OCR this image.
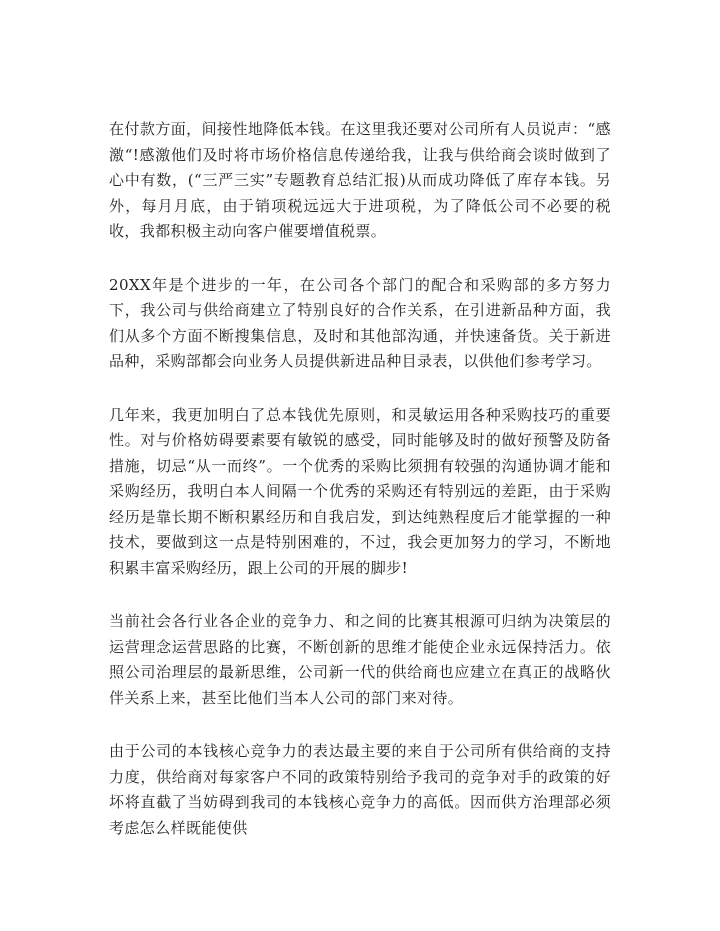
在付款方面，间接性地降低本钱。在这里我还要对公司所有人员说声：“感激“!感激他们及时将市场价格信息传递给我，让我与供给商会谈时做到了心中有数，(“三严三实”专题教育总结汇报)从而成功降低了库存本钱。另外，每月月底，由于销项税远远大于进项税，为了降低公司不必要的税收，我都积极主动向客户催要增值税票。

20XX年是个进步的一年，在公司各个部门的配合和采购部的多方努力下，我公司与供给商建立了特别良好的合作关系，在引进新品种方面，我们从多个方面不断搜集信息，及时和其他部沟通，并快速备货。关于新进品种，采购部都会向业务人员提供新进品种目录表，以供他们参考学习。

几年来，我更加明白了总本钱优先原则，和灵敏运用各种采购技巧的重要性。对与价格妨碍要素要有敏锐的感受，同时能够及时的做好预警及防备措施，切忌“从一而终”。一个优秀的采购比须拥有较强的沟通协调才能和采购经历，我明白本人间隔一个优秀的采购还有特别远的差距，由于采购经历是靠长期不断积累经历和自我启发，到达纯熟程度后才能掌握的一种技术，要做到这一点是特别困难的，不过，我会更加努力的学习，不断地积累丰富采购经历，跟上公司的开展的脚步!

当前社会各行业各企业的竞争力、和之间的比赛其根源可归纳为决策层的运营理念运营思路的比赛，不断创新的思维才能使企业永远保持活力。依照公司治理层的最新思维，公司新一代的供给商也应建立在真正的战略伙伴关系上来，甚至比他们当本人公司的部门来对待。

由于公司的本钱核心竞争力的表达最主要的来自于公司所有供给商的支持力度，供给商对每家客户不同的政策特别给予我司的竞争对手的政策的好坏将直截了当妨碍到我司的本钱核心竞争力的高低。因而供方治理部必须考虑怎么样既能使供
